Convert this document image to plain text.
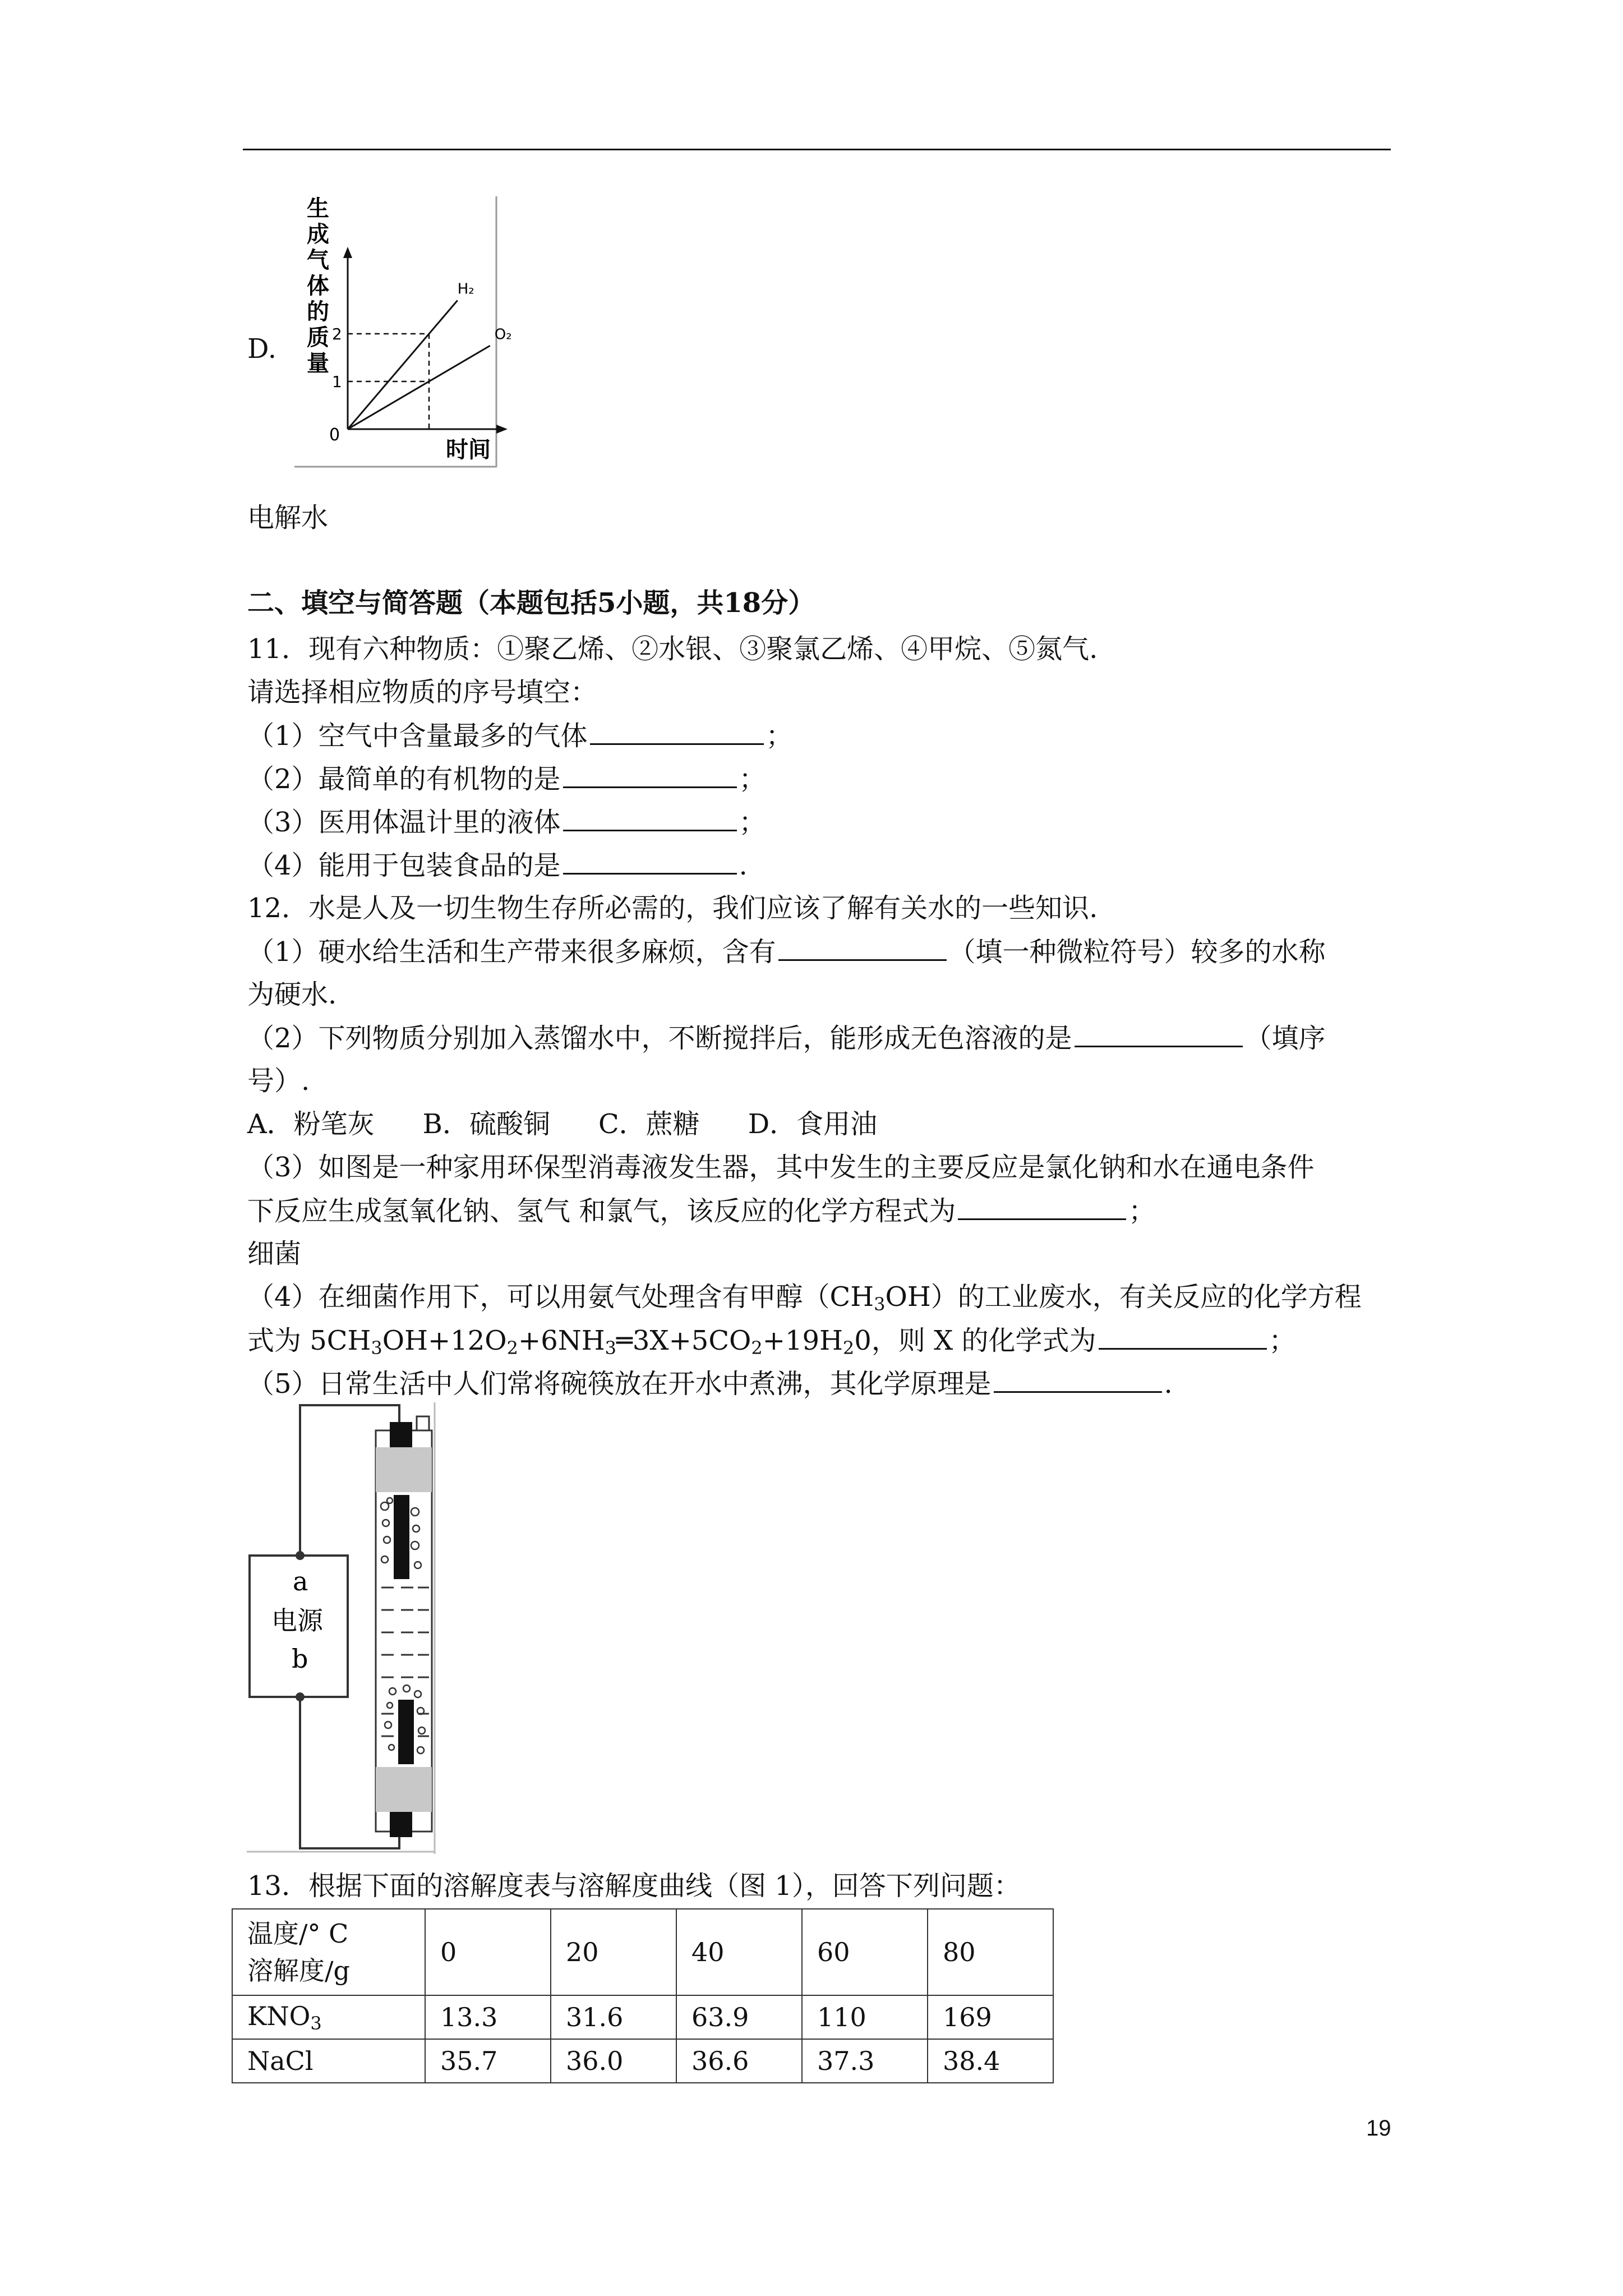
D.
1
2
H₂
O₂
生成气体的质量
时间
0
电解水
二、填空与简答题（本题包括5小题，共18分）
11．现有六种物质：①聚乙烯、②水银、③聚氯乙烯、④甲烷、⑤氮气.
请选择相应物质的序号填空：
（1）空气中含量最多的气体	；
（2）最简单的有机物的是	；
（3）医用体温计里的液体	；
（4）能用于包装食品的是	.
12．水是人及一切生物生存所必需的，我们应该了解有关水的一些知识.
（1）硬水给生活和生产带来很多麻烦，含有	（填一种微粒符号）较多的水称
为硬水.
（2）下列物质分别加入蒸馏水中，不断搅拌后，能形成无色溶液的是	（填序
号）.
A．粉笔灰 B．硫酸铜 C．蔗糖 D．食用油
（3）如图是一种家用环保型消毒液发生器，其中发生的主要反应是氯化钠和水在通电条件
下反应生成氢氧化钠、氢气 和氯气，该反应的化学方程式为	；
细菌
（4）在细菌作用下，可以用氨气处理含有甲醇$(CH_3OH)$的工业废水，有关反应的化学方程
式为 $5CH_3OH+12O_2+6NH_3═3X+5CO_2+19H_20$，则 X 的化学式为	；
（5）日常生活中人们常将碗筷放在开水中煮沸，其化学原理是	.
a
电源
b
13．根据下面的溶解度表与溶解度曲线（图 1），回答下列问题：
温度/° C
溶解度/g	0	20	40	60	80
$KNO_3$	13.3	31.6	63.9	110	169
NaCl	35.7	36.0	36.6	37.3	38.4
19
